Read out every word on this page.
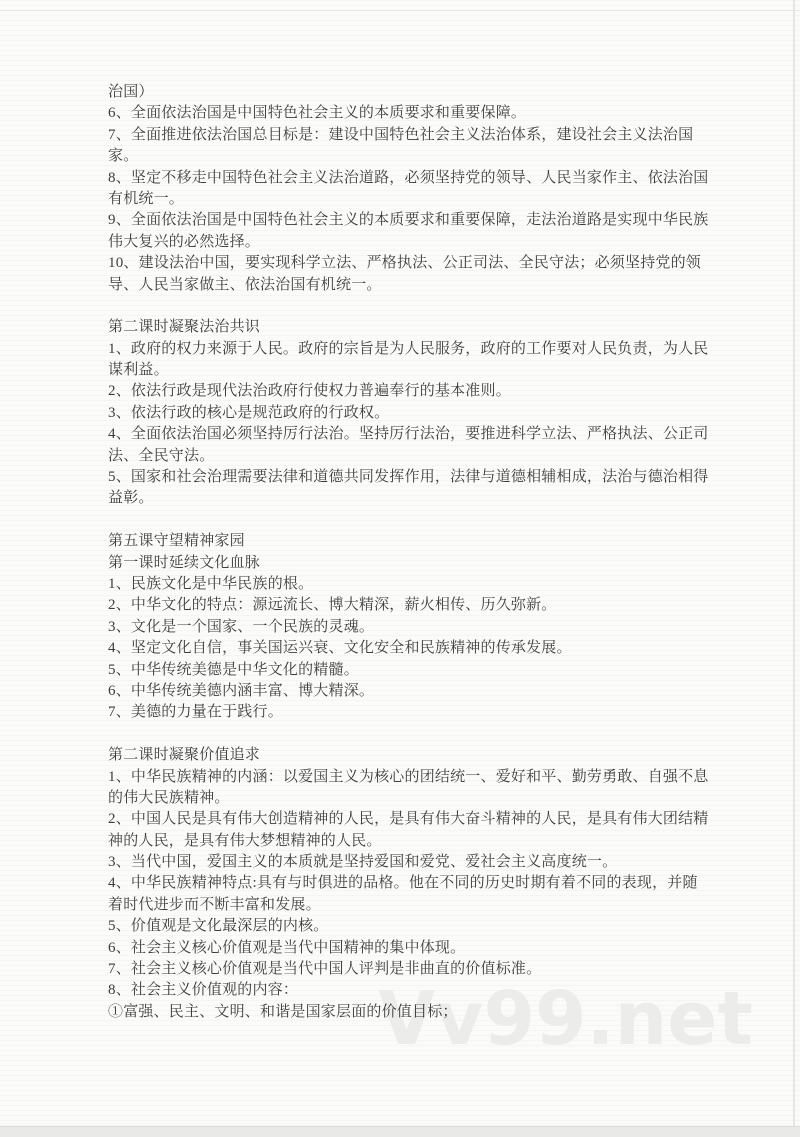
Vv99.net
治国）
6、全面依法治国是中国特色社会主义的本质要求和重要保障。
7、全面推进依法治国总目标是：建设中国特色社会主义法治体系，建设社会主义法治国
家。
8、坚定不移走中国特色社会主义法治道路，必须坚持党的领导、人民当家作主、依法治国
有机统一。
9、全面依法治国是中国特色社会主义的本质要求和重要保障，走法治道路是实现中华民族
伟大复兴的必然选择。
10、建设法治中国，要实现科学立法、严格执法、公正司法、全民守法；必须坚持党的领
导、人民当家做主、依法治国有机统一。
第二课时凝聚法治共识
1、政府的权力来源于人民。政府的宗旨是为人民服务，政府的工作要对人民负责，为人民
谋利益。
2、依法行政是现代法治政府行使权力普遍奉行的基本准则。
3、依法行政的核心是规范政府的行政权。
4、全面依法治国必须坚持厉行法治。坚持厉行法治，要推进科学立法、严格执法、公正司
法、全民守法。
5、国家和社会治理需要法律和道德共同发挥作用，法律与道德相辅相成，法治与德治相得
益彰。
第五课守望精神家园
第一课时延续文化血脉
1、民族文化是中华民族的根。
2、中华文化的特点：源远流长、博大精深，薪火相传、历久弥新。
3、文化是一个国家、一个民族的灵魂。
4、坚定文化自信，事关国运兴衰、文化安全和民族精神的传承发展。
5、中华传统美德是中华文化的精髓。
6、中华传统美德内涵丰富、博大精深。
7、美德的力量在于践行。
第二课时凝聚价值追求
1、中华民族精神的内涵：以爱国主义为核心的团结统一、爱好和平、勤劳勇敢、自强不息
的伟大民族精神。
2、中国人民是具有伟大创造精神的人民，是具有伟大奋斗精神的人民，是具有伟大团结精
神的人民，是具有伟大梦想精神的人民。
3、当代中国，爱国主义的本质就是坚持爱国和爱党、爱社会主义高度统一。
4、中华民族精神特点:具有与时俱进的品格。他在不同的历史时期有着不同的表现，并随
着时代进步而不断丰富和发展。
5、价值观是文化最深层的内核。
6、社会主义核心价值观是当代中国精神的集中体现。
7、社会主义核心价值观是当代中国人评判是非曲直的价值标准。
8、社会主义价值观的内容：
①富强、民主、文明、和谐是国家层面的价值目标；
